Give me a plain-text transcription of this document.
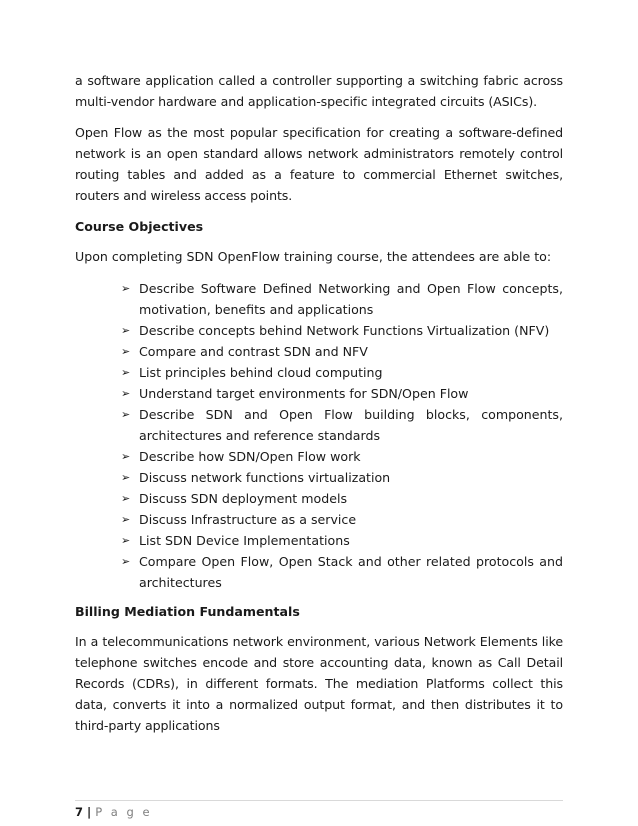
a software application called a controller supporting a switching fabric across multi-vendor hardware and application-specific integrated circuits (ASICs).

Open Flow as the most popular specification for creating a software-defined network is an open standard allows network administrators remotely control routing tables and added as a feature to commercial Ethernet switches, routers and wireless access points.

Course Objectives
Upon completing SDN OpenFlow training course, the attendees are able to:
➢ Describe Software Defined Networking and Open Flow concepts, motivation, benefits and applications
➢ Describe concepts behind Network Functions Virtualization (NFV)
➢ Compare and contrast SDN and NFV
➢ List principles behind cloud computing
➢ Understand target environments for SDN/Open Flow
➢ Describe SDN and Open Flow building blocks, components, architectures and reference standards
➢ Describe how SDN/Open Flow work
➢ Discuss network functions virtualization
➢ Discuss SDN deployment models
➢ Discuss Infrastructure as a service
➢ List SDN Device Implementations
➢ Compare Open Flow, Open Stack and other related protocols and architectures
Billing Mediation Fundamentals

In a telecommunications network environment, various Network Elements like telephone switches encode and store accounting data, known as Call Detail Records (CDRs), in different formats. The mediation Platforms collect this data, converts it into a normalized output format, and then distributes it to third-party applications

7 | P a g e
